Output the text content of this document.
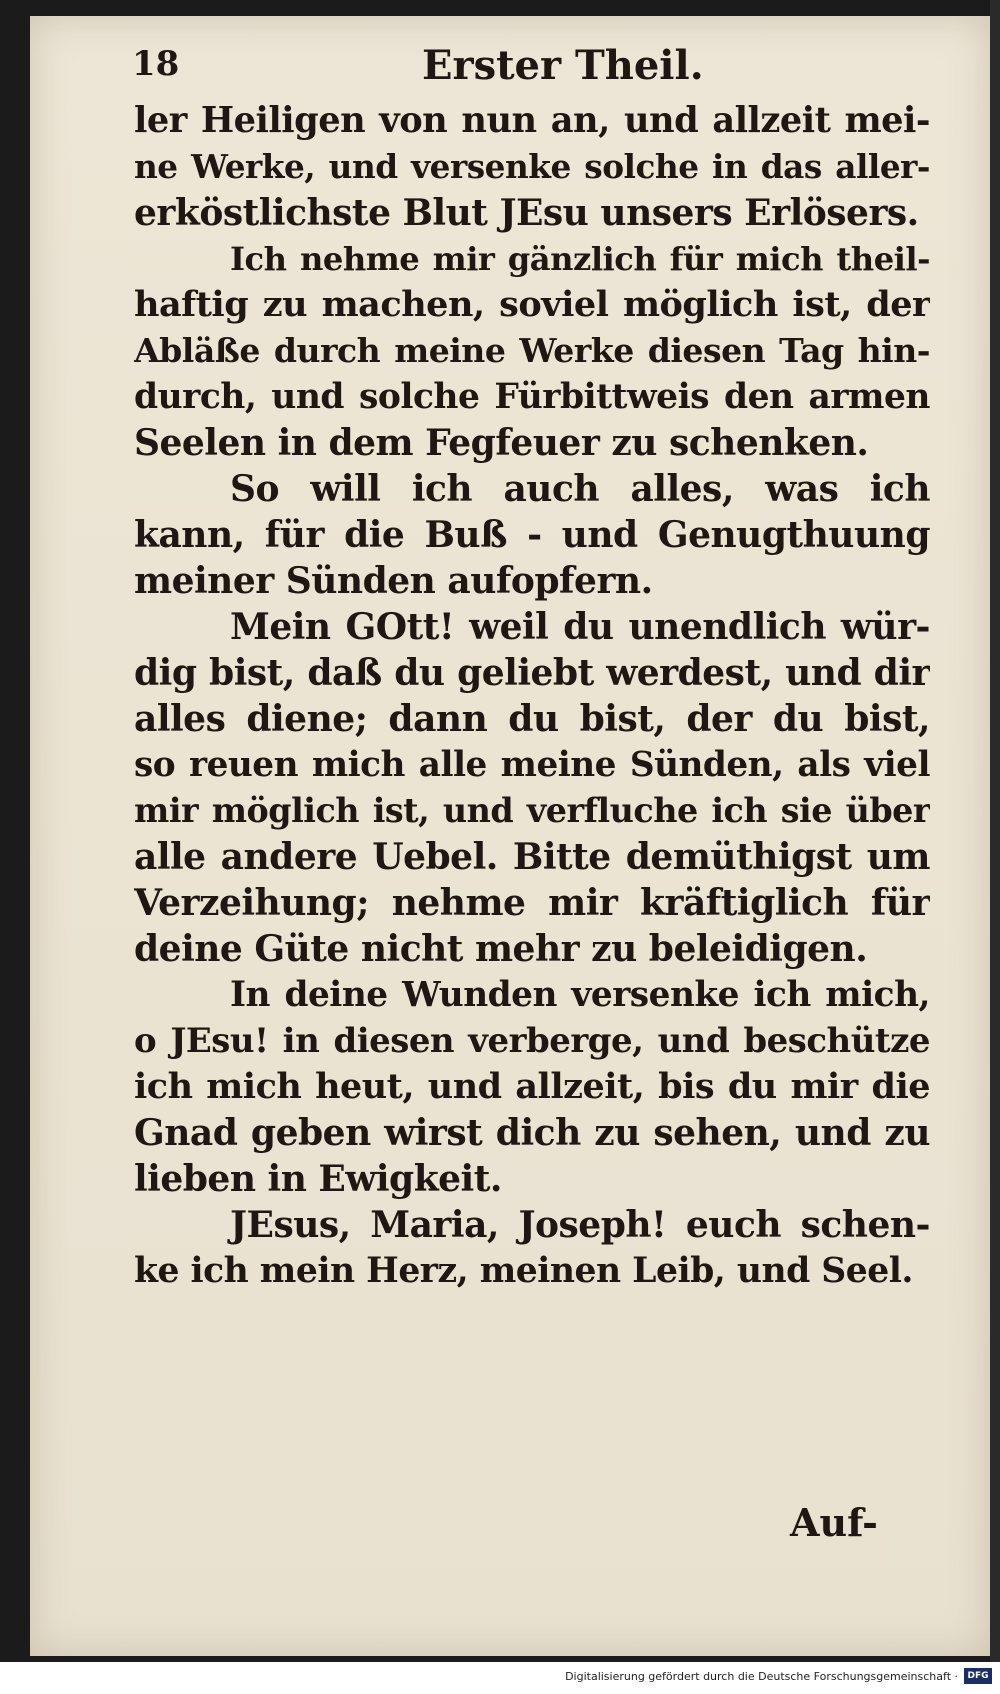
18	Erster Theil.
ler Heiligen von nun an, und allzeit mei-
ne Werke, und versenke solche in das aller-
erköstlichste Blut JEsu unsers Erlösers.
Ich nehme mir gänzlich für mich theil-
haftig zu machen, soviel möglich ist, der
Abläße durch meine Werke diesen Tag hin-
durch, und solche Fürbittweis den armen
Seelen in dem Fegfeuer zu schenken.
So will ich auch alles, was ich
kann, für die Buß - und Genugthuung
meiner Sünden aufopfern.
Mein GOtt! weil du unendlich wür-
dig bist, daß du geliebt werdest, und dir
alles diene; dann du bist, der du bist,
so reuen mich alle meine Sünden, als viel
mir möglich ist, und verfluche ich sie über
alle andere Uebel. Bitte demüthigst um
Verzeihung; nehme mir kräftiglich für
deine Güte nicht mehr zu beleidigen.
In deine Wunden versenke ich mich,
o JEsu! in diesen verberge, und beschütze
ich mich heut, und allzeit, bis du mir die
Gnad geben wirst dich zu sehen, und zu
lieben in Ewigkeit.
JEsus, Maria, Joseph! euch schen-
ke ich mein Herz, meinen Leib, und Seel.
Auf-
Digitalisierung gefördert durch die Deutsche Forschungsgemeinschaft ·	DFG
